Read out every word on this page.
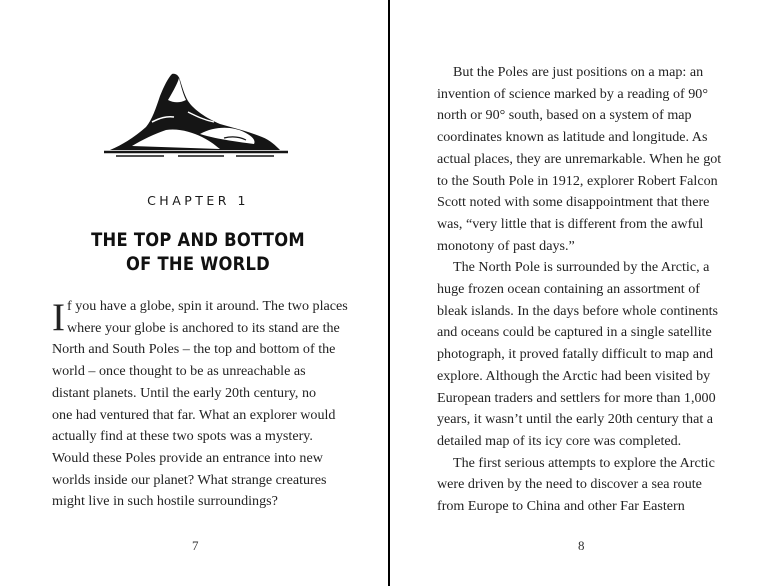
CHAPTER 1
THE TOP AND BOTTOM
OF THE WORLD
I f you have a globe, spin it around. The two places
where your globe is anchored to its stand are the
North and South Poles – the top and bottom of the
world – once thought to be as unreachable as
distant planets. Until the early 20th century, no
one had ventured that far. What an explorer would
actually find at these two spots was a mystery.
Would these Poles provide an entrance into new
worlds inside our planet? What strange creatures
might live in such hostile surroundings?
7
But the Poles are just positions on a map: an
invention of science marked by a reading of 90°
north or 90° south, based on a system of map
coordinates known as latitude and longitude. As
actual places, they are unremarkable. When he got
to the South Pole in 1912, explorer Robert Falcon
Scott noted with some disappointment that there
was, “very little that is different from the awful
monotony of past days.”
The North Pole is surrounded by the Arctic, a
huge frozen ocean containing an assortment of
bleak islands. In the days before whole continents
and oceans could be captured in a single satellite
photograph, it proved fatally difficult to map and
explore. Although the Arctic had been visited by
European traders and settlers for more than 1,000
years, it wasn’t until the early 20th century that a
detailed map of its icy core was completed.
The first serious attempts to explore the Arctic
were driven by the need to discover a sea route
from Europe to China and other Far Eastern
8
